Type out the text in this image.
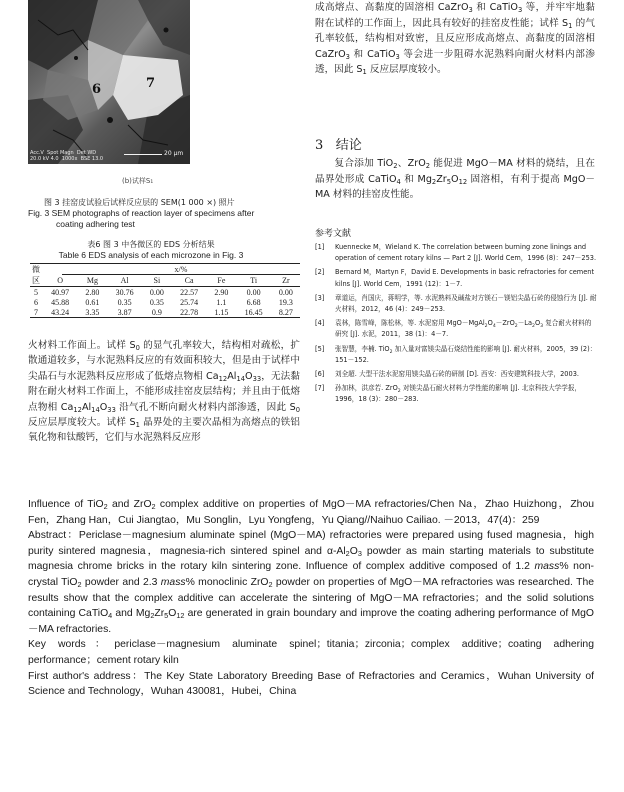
6	7
Acc.V  Spot Magn  Det WD
20.0 kV 4.0  1000x  BSE 13.0
20 μm
(b)试样S₁
图 3 挂窑皮试验后试样反应层的 SEM(1 000 ×) 照片
Fig. 3 SEM photographs of reaction layer of specimens after
coating adhering test
表6 图 3 中各微区的 EDS 分析结果
Table 6 EDS analysis of each microzone in Fig. 3
微区	x/%							
	O	Mg	Al	Si	Ca	Fe	Ti	Zr
5	40.97	2.80	30.76	0.00	22.57	2.90	0.00	0.00
6	45.88	0.61	0.35	0.35	25.74	1.1	6.68	19.3
7	43.24	3.35	3.87	0.9	22.78	1.15	16.45	8.27
火材料工作面上。试样 $S_0$ 的显气孔率较大，结构相对疏松，扩散通道较多，与水泥熟料反应的有效面积较大，但是由于试样中尖晶石与水泥熟料反应形成了低熔点物相 $Ca_{12}Al_{14}O_{33}$，无法黏附在耐火材料工作面上，不能形成挂窑皮层结构；并且由于低熔点物相 $Ca_{12}Al_{14}O_{33}$ 沿气孔不断向耐火材料内部渗透，因此 $S_0$ 反应层厚度较大。试样 $S_1$ 晶界处的主要次晶相为高熔点的铁铝氧化物和钛酸钙，它们与水泥熟料反应形
成高熔点、高黏度的固溶相 CaZrO$_3$ 和 CaTiO$_3$ 等，并牢牢地黏附在试样的工作面上，因此具有较好的挂窑皮性能；试样 $S_1$ 的气孔率较低，结构相对致密，且反应形成高熔点、高黏度的固溶相 CaZrO$_3$ 和 CaTiO$_3$ 等会进一步阻碍水泥熟料向耐火材料内部渗透，因此 $S_1$ 反应层厚度较小。
3 结论
  复合添加 TiO$_2$、ZrO$_2$ 能促进 MgO－MA 材料的烧结，且在晶界处形成 CaTiO$_4$ 和 $Mg_2Zr_5O_{12}$ 固溶相，有利于提高 MgO－MA 材料的挂窑皮性能。
参考文献
[1] Kuennecke M，Wieland K. The correlation between burning zone linings and operation of cement rotary kilns — Part 2 [J]. World Cem，1996 (8)：247－253.
[2] Bernard M，Martyn F，David E. Developments in basic refractories for cement kilns [J]. World Cem，1991 (12)：1－7.
[3] 章道运，肖国庆，蒋明学，等. 水泥熟料及碱盐对方镁石－镁铝尖晶石砖的侵蚀行为 [J]. 耐火材料，2012，46 (4)：249－253.
[4] 袁林，陈雪峰，陈松林，等. 水泥窑用 $MgO-MgAl_2O_4-ZrO_2-La_2O_3$ 复合耐火材料的研究 [J]. 水泥，2011，38 (1)：4－7.
[5] 张智慧，李楠. TiO$_2$ 加入量对富镁尖晶石烧结性能的影响 [J]. 耐火材料，2005，39 (2)：151－152.
[6] 刘全超. 大型干法水泥窑用镁尖晶石砖的研制 [D]. 西安：西安建筑科技大学，2003.
[7] 孙加林，洪彦若. ZrO$_2$ 对镁尖晶石耐火材料力学性能的影响 [J]. 北京科技大学学报，1996，18 (3)：280－283.

Influence of TiO$_2$ and ZrO$_2$ complex additive on properties of MgO－MA refractories/Chen Na，Zhao Huizhong，Zhou Fen，Zhang Han，Cui Jiangtao，Mu Songlin，Lyu Yongfeng，Yu Qiang//Naihuo Cailiao. －2013，47(4)：259

Abstract：Periclase－magnesium aluminate spinel (MgO－MA) refractories were prepared using fused magnesia，high purity sintered magnesia，magnesia-rich sintered spinel and $\alpha-Al_2O_3$ powder as main starting materials to substitute magnesia chrome bricks in the rotary kiln sintering zone. Influence of complex additive composed of 1.2 mass% non-crystal TiO$_2$ powder and 2.3 mass% monoclinic ZrO$_2$ powder on properties of MgO－MA refractories was researched. The results show that the complex additive can accelerate the sintering of MgO－MA refractories；and the solid solutions containing CaTiO$_4$ and $Mg_2Zr_5O_{12}$ are generated in grain boundary and improve the coating adhering performance of MgO－MA refractories.

Key words：periclase－magnesium aluminate spinel；titania；zirconia；complex additive；coating adhering performance；cement rotary kiln

First author's address：The Key State Laboratory Breeding Base of Refractories and Ceramics，Wuhan University of Science and Technology，Wuhan 430081，Hubei，China
